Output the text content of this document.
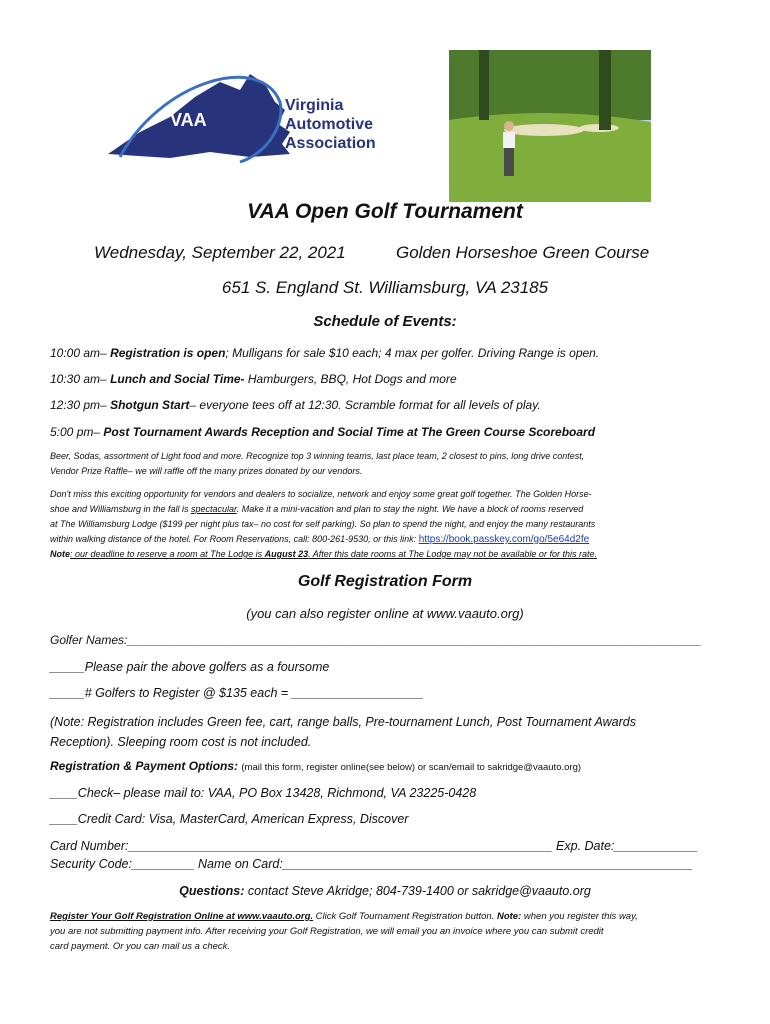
VAA
Virginia
Automotive
Association
VAA Open Golf Tournament
Wednesday, September 22, 2021	Golden Horseshoe Green Course
651 S. England St. Williamsburg, VA 23185
Schedule of Events:
10:00 am– Registration is open; Mulligans for sale $10 each; 4 max per golfer. Driving Range is open.
10:30 am– Lunch and Social Time- Hamburgers, BBQ, Hot Dogs and more
12:30 pm– Shotgun Start– everyone tees off at 12:30. Scramble format for all levels of play.
5:00 pm– Post Tournament Awards Reception and Social Time at The Green Course Scoreboard
Beer, Sodas, assortment of Light food and more. Recognize top 3 winning teams, last place team, 2 closest to pins, long drive contest,
Vendor Prize Raffle– we will raffle off the many prizes donated by our vendors.
Don't miss this exciting opportunity for vendors and dealers to socialize, network and enjoy some great golf together. The Golden Horse-
shoe and Williamsburg in the fall is spectacular. Make it a mini-vacation and plan to stay the night. We have a block of rooms reserved
at The Williamsburg Lodge ($199 per night plus tax– no cost for self parking). So plan to spend the night, and enjoy the many restaurants
within walking distance of the hotel. For Room Reservations, call: 800-261-9530, or this link: https://book.passkey.com/go/5e64d2fe
Note: our deadline to reserve a room at The Lodge is August 23. After this date rooms at The Lodge may not be available or for this rate.
Golf Registration Form
(you can also register online at www.vaauto.org)
Golfer Names:______________________________________________________________________________________
_____Please pair the above golfers as a foursome
_____# Golfers to Register @ $135 each = ___________________
(Note: Registration includes Green fee, cart, range balls, Pre-tournament Lunch, Post Tournament Awards
Reception). Sleeping room cost is not included.
Registration & Payment Options: (mail this form, register online(see below) or scan/email to sakridge@vaauto.org)
____Check– please mail to: VAA, PO Box 13428, Richmond, VA 23225-0428
____Credit Card: Visa, MasterCard, American Express, Discover
Card Number:_____________________________________________________________ Exp. Date:____________
Security Code:_________ Name on Card:___________________________________________________________
Questions: contact Steve Akridge; 804-739-1400 or sakridge@vaauto.org
Register Your Golf Registration Online at www.vaauto.org. Click Golf Tournament Registration button. Note: when you register this way,
you are not submitting payment info. After receiving your Golf Registration, we will email you an invoice where you can submit credit
card payment. Or you can mail us a check.
